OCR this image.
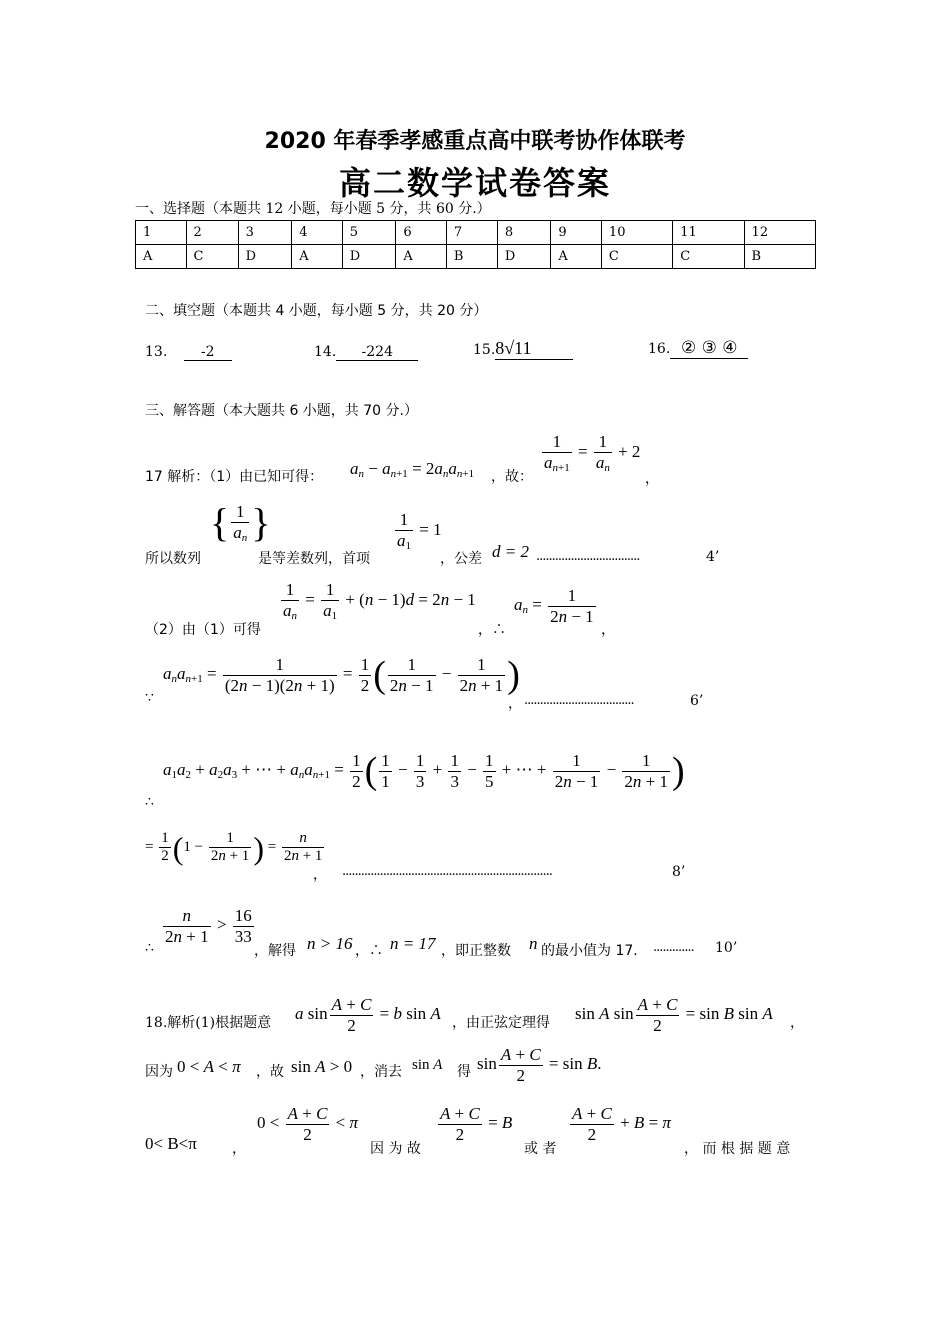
2020 年春季孝感重点高中联考协作体联考
高二数学试卷答案
一、选择题（本题共 12 小题，每小题 5 分，共 60 分.）
1	2	3	4	5	6	7	8	9	10	11	12
A	C	D	A	D	A	B	D	A	C	C	B
二、填空题（本题共 4 小题，每小题 5 分，共 20 分）
13. -2	14. -224	15.8√11	16. ② ③ ④
三、解答题（本大题共 6 小题，共 70 分.）
17 解析：（1）由已知可得： $a_n - a_{n+1} = 2a_na_{n+1}$ ，故：
$\frac{1}{a_{n+1}} = \frac{1}{a_n} + 2$
，
所以数列
{ $\frac{1}{a_n}$ }
是等差数列，首项
$\frac{1}{a_1} = 1$
，公差 d = 2 .................................	4’
$\frac{1}{a_n} = \frac{1}{a_1} + (n - 1)d = 2n - 1$
（2）由（1）可得	，∴
$a_n = \frac{1}{2n - 1}$
，
∵
$a_na_{n+1} = \frac{1}{(2n - 1)(2n + 1)} = \frac{1}{2}$ ( $\frac{1}{2n - 1} - \frac{1}{2n + 1}$ )
， ...................................	6’
∴
$a_1a_2 + a_2a_3$ + ⋯ + $a_na_{n+1} = \frac{1}{2}$ ( $\frac{1}{1} - \frac{1}{3} + \frac{1}{3} - \frac{1}{5}$ + ⋯ + $\frac{1}{2n - 1} - \frac{1}{2n + 1}$ )
= $\frac{1}{2} (1 - \frac{1}{2n + 1}$ ) = $\frac{n}{2n + 1}$
， ...................................................................	8’
∴
$\frac{n}{2n + 1} > \frac{16}{33}$
，解得 n > 16 ，∴ n = 17 ，即正整数 n 的最小值为 17. ............. 10’
18.解析(1)根据题意
a $\sin \frac{A + C}{2} = b$ sin A
，由正弦定理得
sin A $\sin \frac{A + C}{2} = \sin B$ sin A
，
因为 0 < A < π ，故 sin A > 0 ，消去 sin A 得 $\sin \frac{A + C}{2} = \sin B$.
0< B<π	，
$0 < \frac{A + C}{2} < \pi$
因 为 故
$\frac{A + C}{2} = B$
或 者
$\frac{A + C}{2} + B = \pi$
， 而 根 据 题 意
